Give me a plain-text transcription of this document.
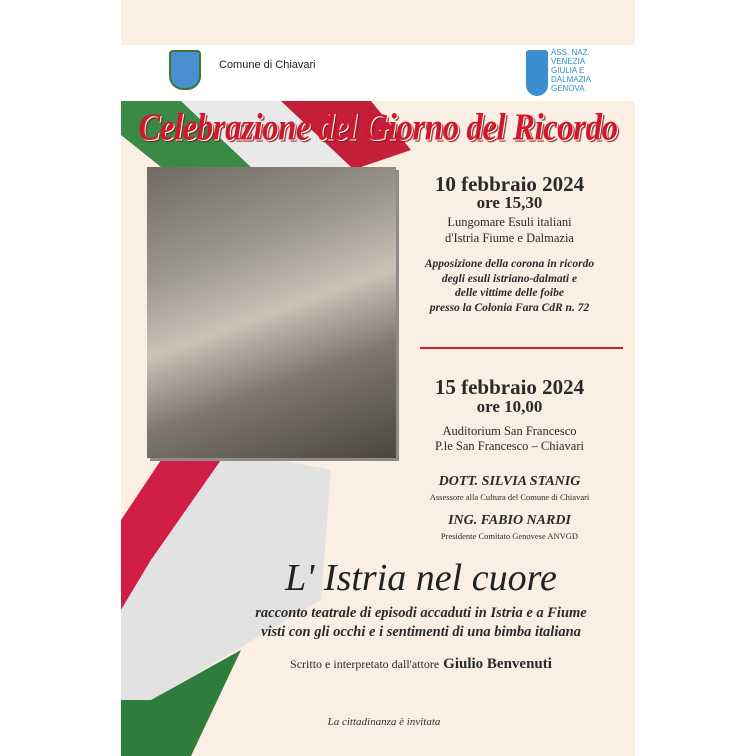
Comune di Chiavari
ASS. NAZ. VENEZIA GIULIA E DALMAZIA GENOVA
Celebrazione del Giorno del Ricordo
10 febbraio 2024
ore 15,30
Lungomare Esuli italiani
d'Istria Fiume e Dalmazia
Apposizione della corona in ricordo
degli esuli istriano-dalmati e
delle vittime delle foibe
presso la Colonia Fara CdR n. 72
15 febbraio 2024
ore 10,00
Auditorium San Francesco
P.le San Francesco – Chiavari
DOTT. SILVIA STANIG
Assessore alla Cultura del Comune di Chiavari
ING. FABIO NARDI
Presidente Comitato Genovese ANVGD
L' Istria nel cuore
racconto teatrale di episodi accaduti in Istria e a Fiume
visti con gli occhi e i sentimenti di una bimba italiana
Scritto e interpretato dall'attore Giulio Benvenuti
La cittadinanza è invitata
